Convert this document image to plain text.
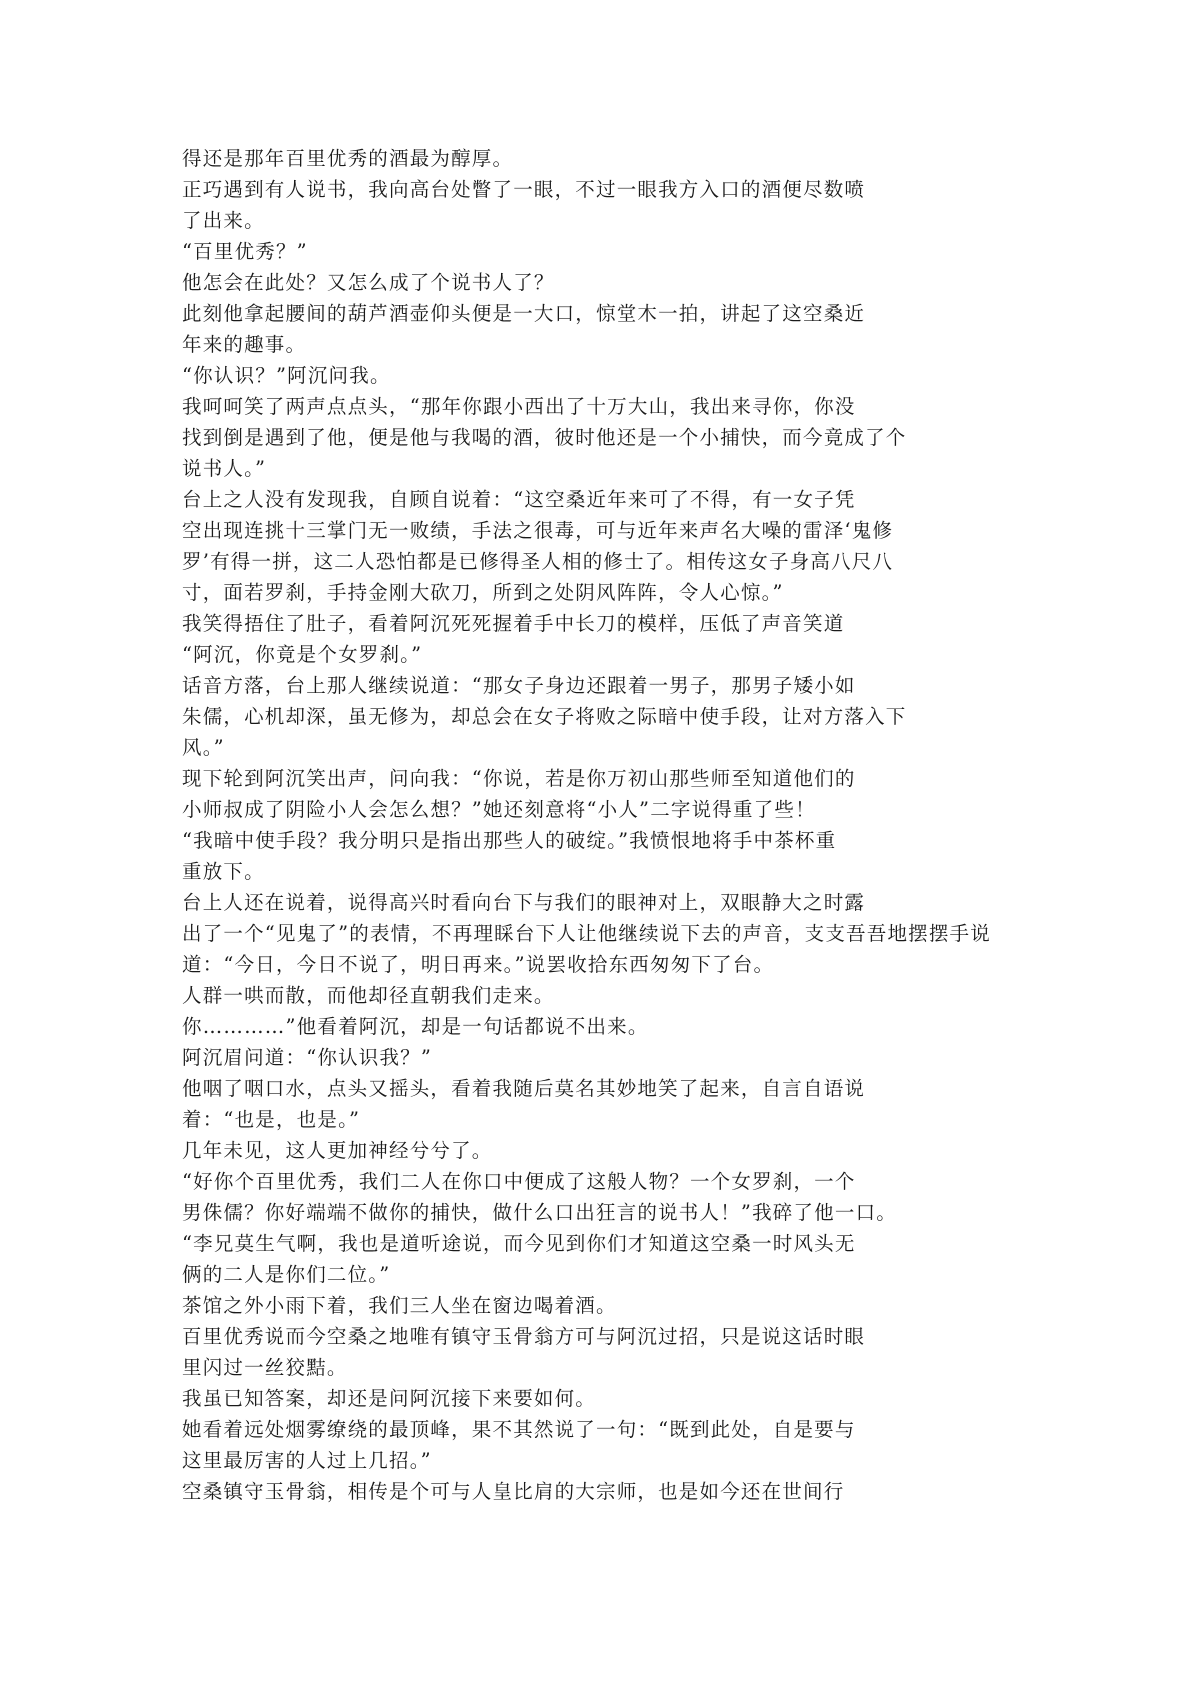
得还是那年百里优秀的酒最为醇厚。
正巧遇到有人说书，我向高台处瞥了一眼，不过一眼我方入口的酒便尽数喷
了出来。
“百里优秀？”
他怎会在此处？又怎么成了个说书人了？
此刻他拿起腰间的葫芦酒壶仰头便是一大口，惊堂木一拍，讲起了这空桑近
年来的趣事。
“你认识？”阿沉问我。
我呵呵笑了两声点点头，“那年你跟小西出了十万大山，我出来寻你，你没
找到倒是遇到了他，便是他与我喝的酒，彼时他还是一个小捕快，而今竟成了个
说书人。”
台上之人没有发现我，自顾自说着：“这空桑近年来可了不得，有一女子凭
空出现连挑十三掌门无一败绩，手法之很毒，可与近年来声名大噪的雷泽‘鬼修
罗’有得一拼，这二人恐怕都是已修得圣人相的修士了。相传这女子身高八尺八
寸，面若罗刹，手持金刚大砍刀，所到之处阴风阵阵，令人心惊。”
我笑得捂住了肚子，看着阿沉死死握着手中长刀的模样，压低了声音笑道
“阿沉，你竟是个女罗刹。”
话音方落，台上那人继续说道：“那女子身边还跟着一男子，那男子矮小如
朱儒，心机却深，虽无修为，却总会在女子将败之际暗中使手段，让对方落入下
风。”
现下轮到阿沉笑出声，问向我：“你说，若是你万初山那些师至知道他们的
小师叔成了阴险小人会怎么想？”她还刻意将“小人”二字说得重了些！
“我暗中使手段？我分明只是指出那些人的破绽。”我愤恨地将手中茶杯重
重放下。
台上人还在说着，说得高兴时看向台下与我们的眼神对上，双眼静大之时露
出了一个“见鬼了”的表情，不再理睬台下人让他继续说下去的声音，支支吾吾地摆摆手说
道：“今日，今日不说了，明日再来。”说罢收拾东西匆匆下了台。
人群一哄而散，而他却径直朝我们走来。
你…………”他看着阿沉，却是一句话都说不出来。
阿沉眉问道：“你认识我？”
他咽了咽口水，点头又摇头，看着我随后莫名其妙地笑了起来，自言自语说
着：“也是，也是。”
几年未见，这人更加神经兮兮了。
“好你个百里优秀，我们二人在你口中便成了这般人物？一个女罗刹，一个
男侏儒？你好端端不做你的捕快，做什么口出狂言的说书人！”我碎了他一口。
“李兄莫生气啊，我也是道听途说，而今见到你们才知道这空桑一时风头无
俩的二人是你们二位。”
茶馆之外小雨下着，我们三人坐在窗边喝着酒。
百里优秀说而今空桑之地唯有镇守玉骨翁方可与阿沉过招，只是说这话时眼
里闪过一丝狡黠。
我虽已知答案，却还是问阿沉接下来要如何。
她看着远处烟雾缭绕的最顶峰，果不其然说了一句：“既到此处，自是要与
这里最厉害的人过上几招。”
空桑镇守玉骨翁，相传是个可与人皇比肩的大宗师，也是如今还在世间行
